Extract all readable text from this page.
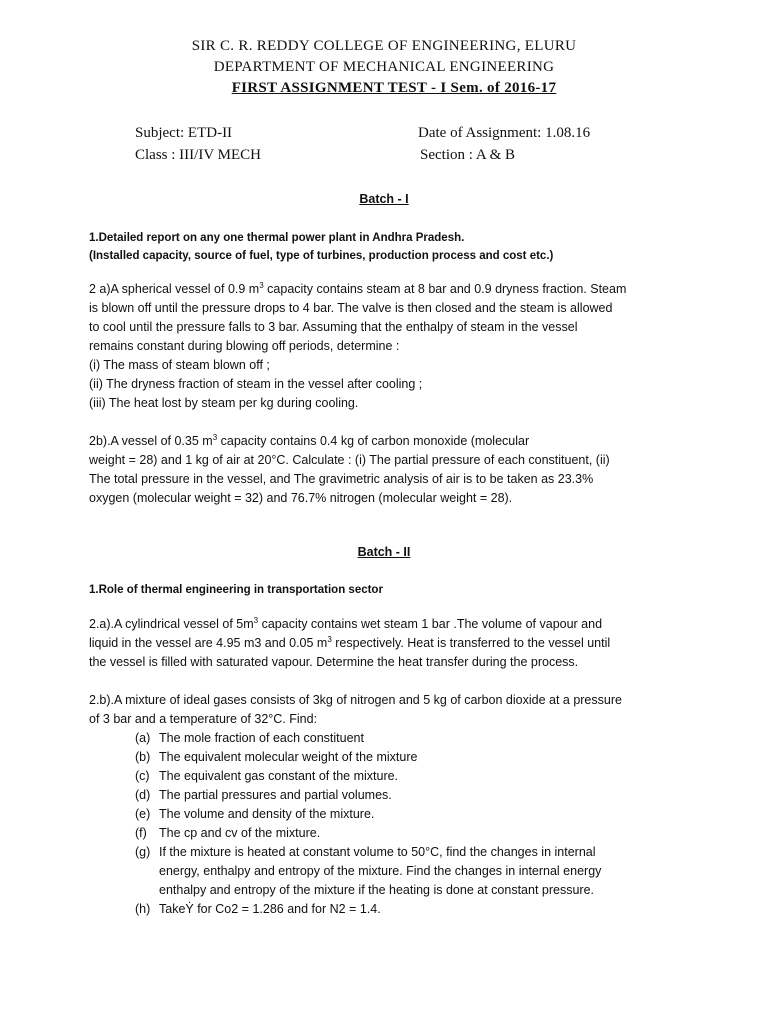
SIR C. R. REDDY COLLEGE OF ENGINEERING, ELURU
DEPARTMENT OF MECHANICAL ENGINEERING
FIRST ASSIGNMENT TEST - I Sem. of 2016-17
Subject: ETD-II	Date of Assignment: 1.08.16
Class : III/IV MECH	Section : A & B
Batch - I
1.Detailed report on any one thermal power plant in Andhra Pradesh.
(Installed capacity, source of fuel, type of turbines, production process and cost etc.)
2 a)A spherical vessel of 0.9 $m^3$ capacity contains steam at 8 bar and 0.9 dryness fraction. Steam
is blown off until the pressure drops to 4 bar. The valve is then closed and the steam is allowed
to cool until the pressure falls to 3 bar. Assuming that the enthalpy of steam in the vessel
remains constant during blowing off periods, determine :
(i) The mass of steam blown off ;
(ii) The dryness fraction of steam in the vessel after cooling ;
(iii) The heat lost by steam per kg during cooling.
2b).A vessel of 0.35 $m^3$ capacity contains 0.4 kg of carbon monoxide (molecular
weight = 28) and 1 kg of air at 20°C. Calculate : (i) The partial pressure of each constituent, (ii)
The total pressure in the vessel, and The gravimetric analysis of air is to be taken as 23.3%
oxygen (molecular weight = 32) and 76.7% nitrogen (molecular weight = 28).
Batch - II
1.Role of thermal engineering in transportation sector
2.a).A cylindrical vessel of $5m^3$ capacity contains wet steam 1 bar .The volume of vapour and
liquid in the vessel are 4.95 m3 and 0.05 $m^3$ respectively. Heat is transferred to the vessel until
the vessel is filled with saturated vapour. Determine the heat transfer during the process.
2.b).A mixture of ideal gases consists of 3kg of nitrogen and 5 kg of carbon dioxide at a pressure
of 3 bar and a temperature of 32°C. Find:
(a) The mole fraction of each constituent
(b) The equivalent molecular weight of the mixture
(c) The equivalent gas constant of the mixture.
(d) The partial pressures and partial volumes.
(e) The volume and density of the mixture.
(f) The cp and cv of the mixture.
(g) If the mixture is heated at constant volume to 50°C, find the changes in internal
energy, enthalpy and entropy of the mixture. Find the changes in internal energy
enthalpy and entropy of the mixture if the heating is done at constant pressure.
(h) TakeẎ for Co2 = 1.286 and for N2 = 1.4.
